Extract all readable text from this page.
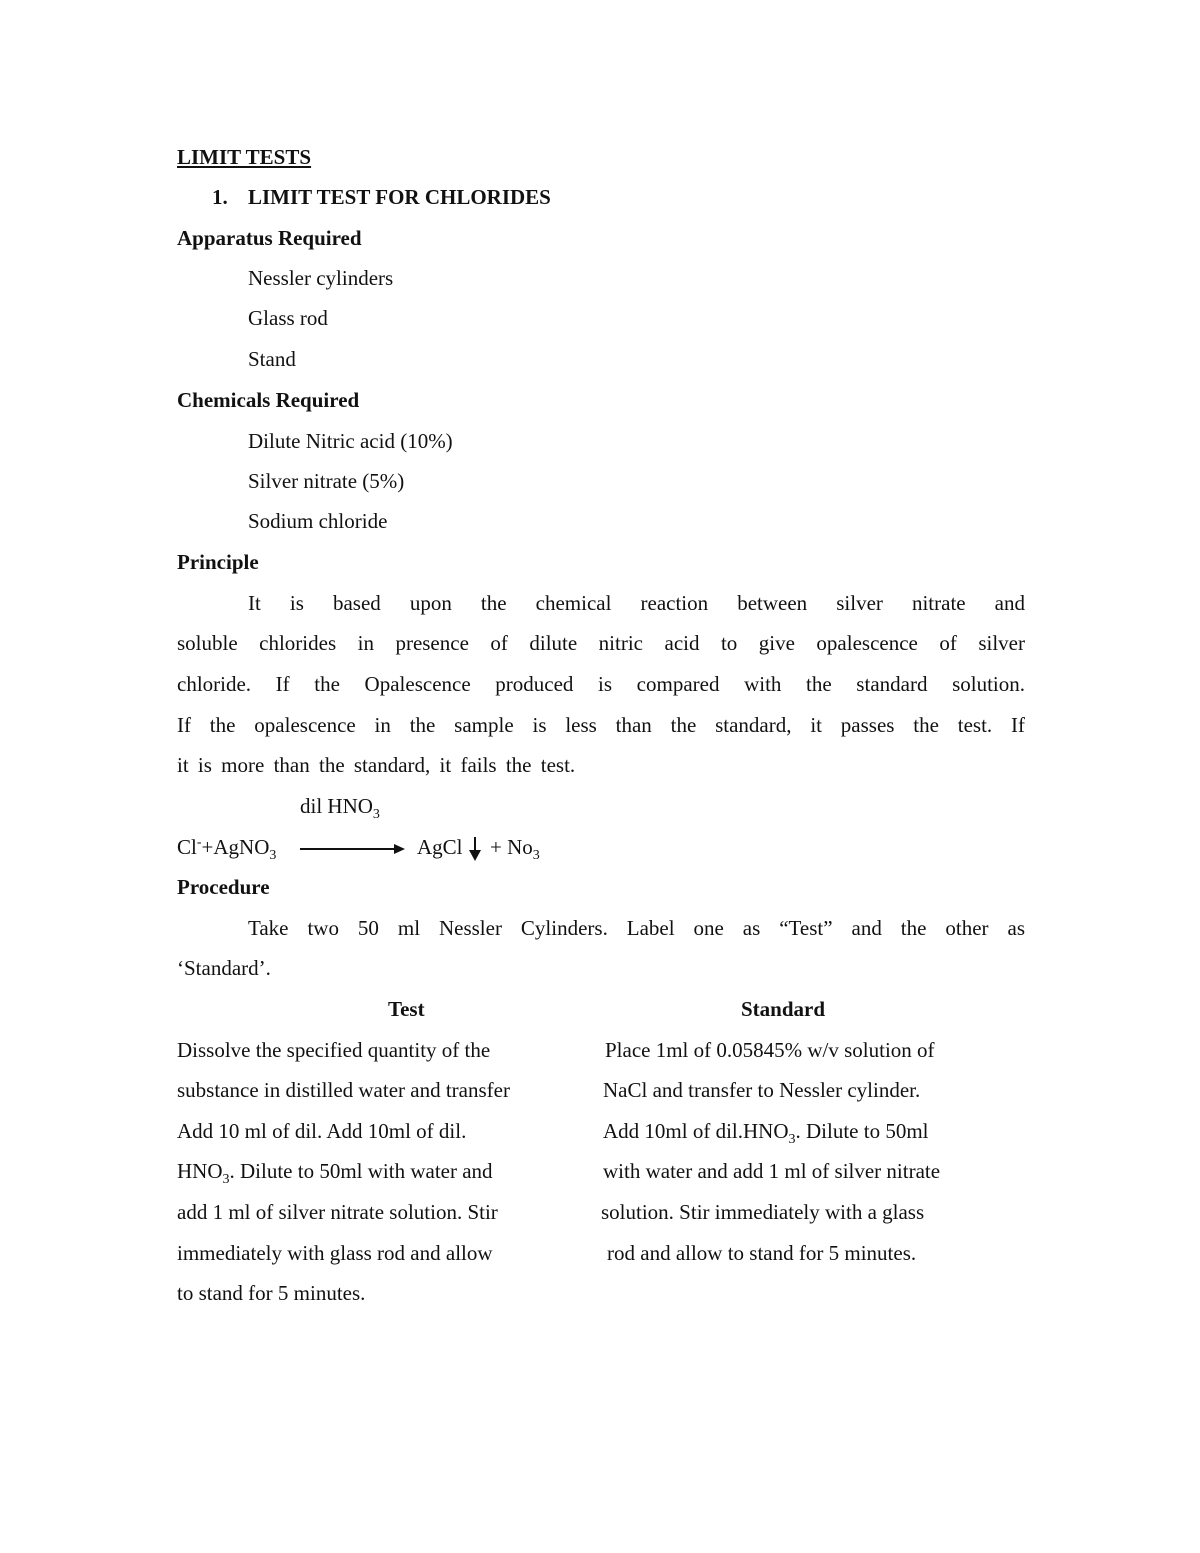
LIMIT TESTS
1. LIMIT TEST FOR CHLORIDES
Apparatus Required
Nessler cylinders
Glass rod
Stand
Chemicals Required
Dilute Nitric acid (10%)
Silver nitrate (5%)
Sodium chloride
Principle
It is based upon the chemical reaction between silver nitrate and
soluble chlorides in presence of dilute nitric acid to give opalescence of silver
chloride. If the Opalescence produced is compared with the standard solution.
If the opalescence in the sample is less than the standard, it passes the test. If
it is more than the standard, it fails the test.
dil $HNO_3$
Cl-+AgNO$_3$	AgCl + $No_3$
Procedure
Take two 50 ml Nessler Cylinders. Label one as “Test” and the other as
‘Standard’.
Test
Dissolve the specified quantity of the
substance in distilled water and transfer
Add 10 ml of dil. Add 10ml of dil.
$HNO_3$. Dilute to 50ml with water and
add 1 ml of silver nitrate solution. Stir
immediately with glass rod and allow
to stand for 5 minutes.
Standard
Place 1ml of 0.05845% w/v solution of
NaCl and transfer to Nessler cylinder.
Add 10ml of $dil.HNO_3$. Dilute to 50ml
with water and add 1 ml of silver nitrate
solution. Stir immediately with a glass
rod and allow to stand for 5 minutes.
